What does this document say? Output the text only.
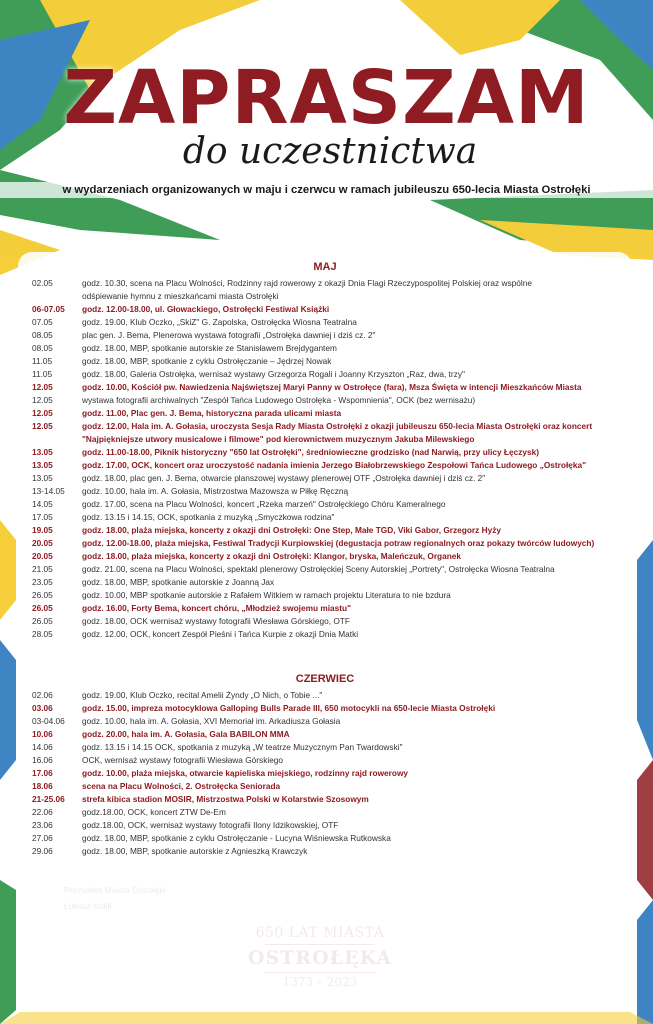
ZAPRASZAM
do uczestnictwa
w wydarzeniach organizowanych w maju i czerwcu w ramach jubileuszu 650-lecia Miasta Ostrołęki
MAJ
02.05	godz. 10.30, scena na Placu Wolności, Rodzinny rajd rowerowy z okazji Dnia Flagi Rzeczypospolitej Polskiej oraz wspólne
odśpiewanie hymnu z mieszkańcami miasta Ostrołęki
06-07.05	godz. 12.00-18.00, ul. Głowackiego, Ostrołęcki Festiwal Książki
07.05	godz. 19.00, Klub Oczko, „SkiZ" G. Zapolska, Ostrołęcka Wiosna Teatralna
08.05	plac gen. J. Bema, Plenerowa wystawa fotografii „Ostrołęka dawniej i dziś cz. 2"
08.05	godz. 18.00, MBP, spotkanie autorskie ze Stanisławem Brejdygantem
11.05	godz. 18.00, MBP, spotkanie z cyklu Ostrołęczanie – Jędrzej Nowak
11.05	godz. 18.00, Galeria Ostrołęka, wernisaż wystawy Grzegorza Rogali i Joanny Krzyszton „Raz, dwa, trzy"
12.05	godz. 10.00, Kościół pw. Nawiedzenia Najświętszej Maryi Panny w Ostrołęce (fara), Msza Święta w intencji Mieszkańców Miasta
12.05	wystawa fotografii archiwalnych "Zespół Tańca Ludowego Ostrołęka - Wspomnienia", OCK (bez wernisażu)
12.05	godz. 11.00, Plac gen. J. Bema, historyczna parada ulicami miasta
12.05	godz. 12.00, Hala im. A. Gołasia, uroczysta Sesja Rady Miasta Ostrołęki z okazji jubileuszu 650-lecia Miasta Ostrołęki oraz koncert
"Najpiękniejsze utwory musicalowe i filmowe" pod kierownictwem muzycznym Jakuba Milewskiego
13.05	godz. 11.00-18.00, Piknik historyczny "650 lat Ostrołęki", średniowieczne grodzisko (nad Narwią, przy ulicy Łęczysk)
13.05	godz. 17.00, OCK, koncert oraz uroczystość nadania imienia Jerzego Białobrzewskiego Zespołowi Tańca Ludowego „Ostrołęka"
13.05	godz. 18.00, plac gen. J. Bema, otwarcie planszowej wystawy plenerowej OTF „Ostrołęka dawniej i dziś cz. 2"
13-14.05	godz. 10.00, hala im. A. Gołasia, Mistrzostwa Mazowsza w Piłkę Ręczną
14.05	godz. 17.00, scena na Placu Wolności, koncert „Rzeka marzeń" Ostrołęckiego Chóru Kameralnego
17.05	godz. 13.15 i 14.15, OCK, spotkania z muzyką „Smyczkowa rodzina"
19.05	godz. 18.00, plaża miejska, koncerty z okazji dni Ostrołęki: One Step, Małe TGD, Viki Gabor, Grzegorz Hyży
20.05	godz. 12.00-18.00, plaża miejska, Festiwal Tradycji Kurpiowskiej (degustacja potraw regionalnych oraz pokazy twórców ludowych)
20.05	godz. 18.00, plaża miejska, koncerty z okazji dni Ostrołęki: Klangor, bryska, Maleńczuk, Organek
21.05	godz. 21.00, scena na Placu Wolności, spektakl plenerowy Ostrołęckiej Sceny Autorskiej „Portrety", Ostrołęcka Wiosna Teatralna
23.05	godz. 18.00, MBP, spotkanie autorskie z Joanną Jax
26.05	godz. 10.00, MBP spotkanie autorskie z Rafałem Witkiem w ramach projektu Literatura to nie bzdura
26.05	godz. 16.00, Forty Bema, koncert chóru, „Młodzież swojemu miastu"
26.05	godz. 18.00, OCK wernisaż wystawy fotografii Wiesława Górskiego, OTF
28.05	godz. 12.00, OCK, koncert Zespół Pieśni i Tańca Kurpie z okazji Dnia Matki
CZERWIEC
02.06	godz. 19.00, Klub Oczko, recital Amelii Żyndy „O Nich, o Tobie ..."
03.06	godz. 15.00, impreza motocyklowa Galloping Bulls Parade III, 650 motocykli na 650-lecie Miasta Ostrołęki
03-04.06	godz. 10.00, hala im. A. Gołasia, XVI Memoriał im. Arkadiusza Gołasia
10.06	godz. 20.00, hala im. A. Gołasia, Gala BABILON MMA
14.06	godz. 13.15 i 14.15 OCK, spotkania z muzyką „W teatrze Muzycznym Pan Twardowski"
16.06	OCK, wernisaż wystawy fotografii Wiesława Górskiego
17.06	godz. 10.00, plaża miejska, otwarcie kąpieliska miejskiego, rodzinny rajd rowerowy
18.06	scena na Placu Wolności, 2. Ostrołęcka Seniorada
21-25.06	strefa kibica stadion MOSIR, Mistrzostwa Polski w Kolarstwie Szosowym
22.06	godz.18.00, OCK, koncert ZTW De-Em
23.06	godz.18.00, OCK, wernisaż wystawy fotografii Ilony Idzikowskiej, OTF
27.06	godz. 18.00, MBP, spotkanie z cyklu Ostrołęczanie - Lucyna Wiśniewska Rutkowska
29.06	godz. 18.00, MBP, spotkanie autorskie z Agnieszką Krawczyk
